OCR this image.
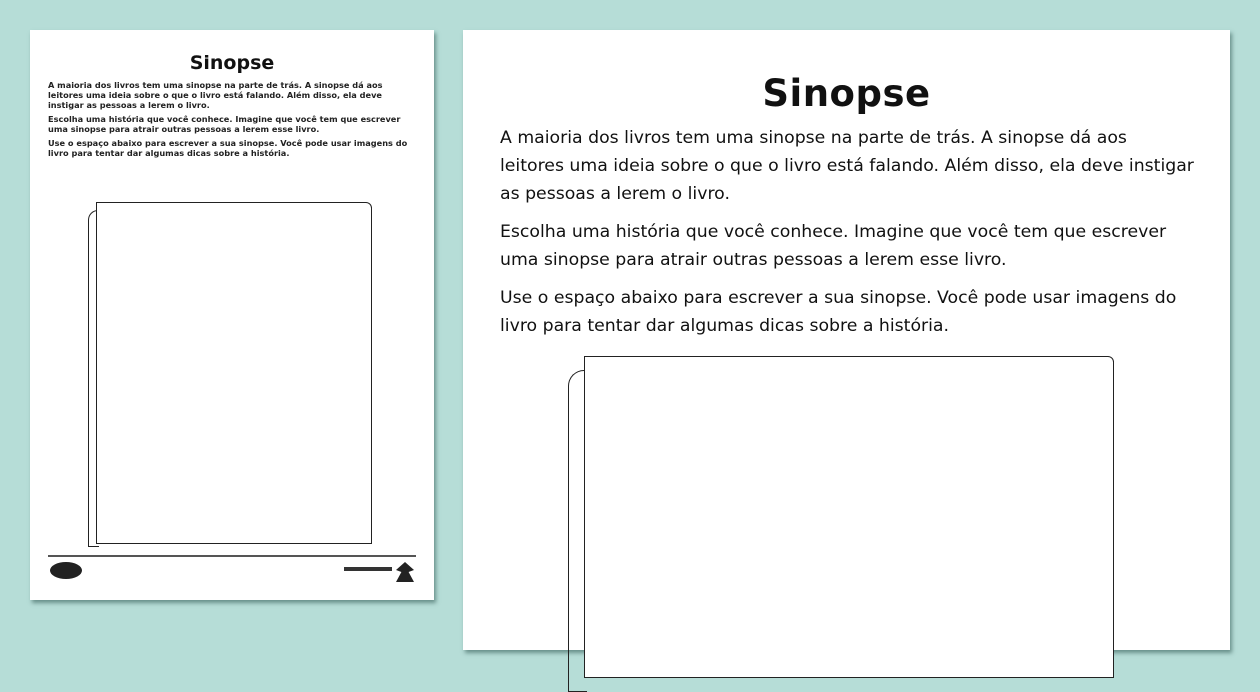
Sinopse

A maioria dos livros tem uma sinopse na parte de trás. A sinopse dá aos leitores uma ideia sobre o que o livro está falando. Além disso, ela deve instigar as pessoas a lerem o livro.

Escolha uma história que você conhece. Imagine que você tem que escrever uma sinopse para atrair outras pessoas a lerem esse livro.

Use o espaço abaixo para escrever a sua sinopse. Você pode usar imagens do livro para tentar dar algumas dicas sobre a história.

Sinopse

A maioria dos livros tem uma sinopse na parte de trás. A sinopse dá aos leitores uma ideia sobre o que o livro está falando. Além disso, ela deve instigar as pessoas a lerem o livro.

Escolha uma história que você conhece. Imagine que você tem que escrever uma sinopse para atrair outras pessoas a lerem esse livro.

Use o espaço abaixo para escrever a sua sinopse. Você pode usar imagens do livro para tentar dar algumas dicas sobre a história.
